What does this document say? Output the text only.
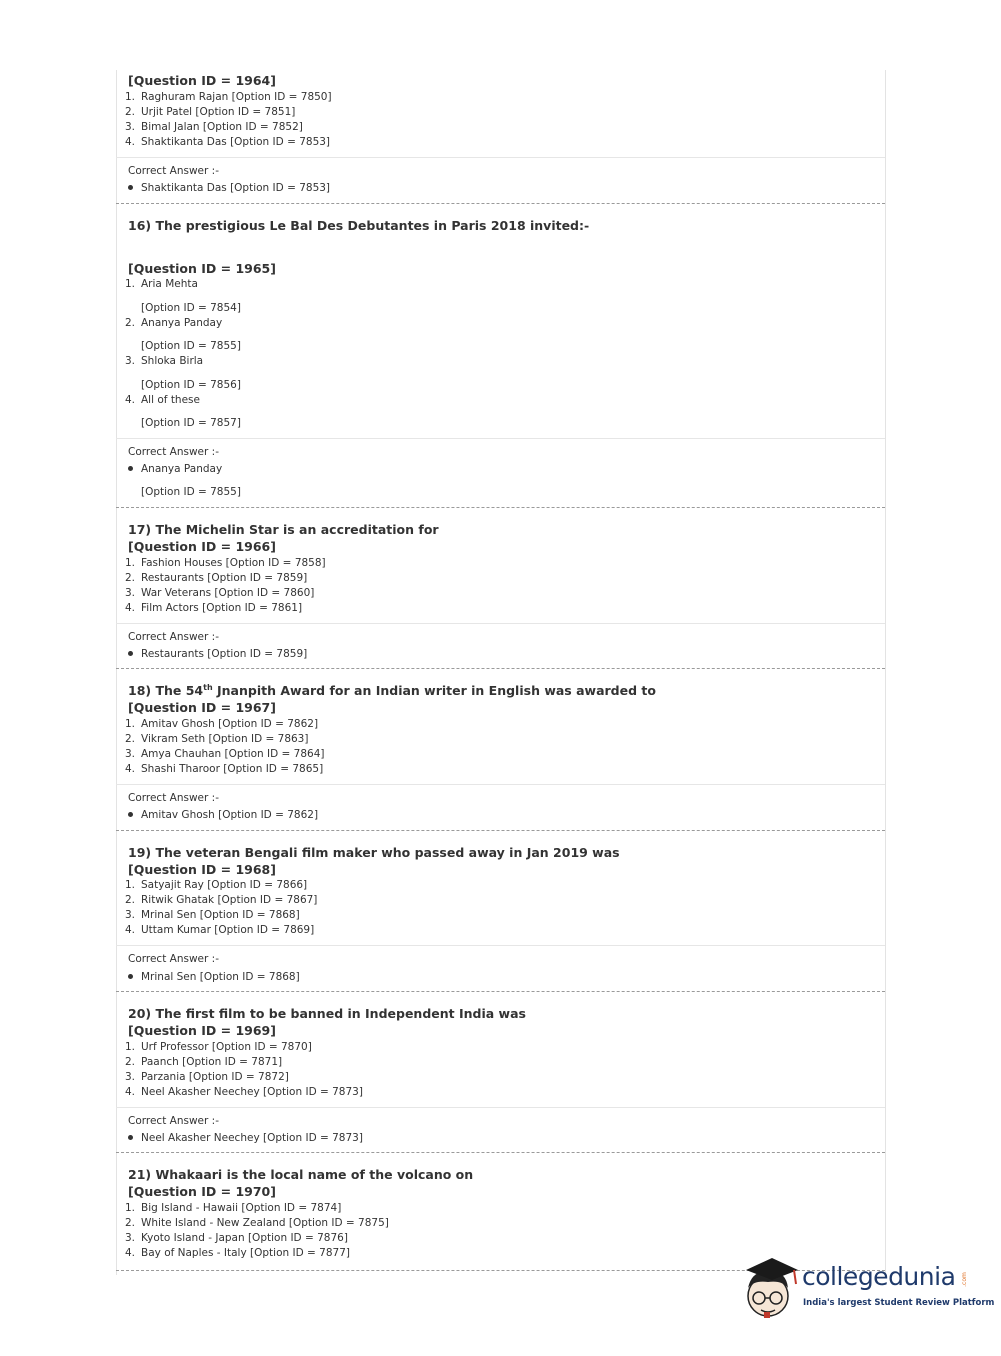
[Question ID = 1964]
1. Raghuram Rajan [Option ID = 7850]
2. Urjit Patel [Option ID = 7851]
3. Bimal Jalan [Option ID = 7852]
4. Shaktikanta Das [Option ID = 7853]
Correct Answer :-
Shaktikanta Das [Option ID = 7853]
16) The prestigious Le Bal Des Debutantes in Paris 2018 invited:-
[Question ID = 1965]
1. Aria Mehta
[Option ID = 7854]
2. Ananya Panday
[Option ID = 7855]
3. Shloka Birla
[Option ID = 7856]
4. All of these
[Option ID = 7857]
Correct Answer :-
Ananya Panday
[Option ID = 7855]
17) The Michelin Star is an accreditation for
[Question ID = 1966]
1. Fashion Houses [Option ID = 7858]
2. Restaurants [Option ID = 7859]
3. War Veterans [Option ID = 7860]
4. Film Actors [Option ID = 7861]
Correct Answer :-
Restaurants [Option ID = 7859]
18) The 54th Jnanpith Award for an Indian writer in English was awarded to
[Question ID = 1967]
1. Amitav Ghosh [Option ID = 7862]
2. Vikram Seth [Option ID = 7863]
3. Amya Chauhan [Option ID = 7864]
4. Shashi Tharoor [Option ID = 7865]
Correct Answer :-
Amitav Ghosh [Option ID = 7862]
19) The veteran Bengali film maker who passed away in Jan 2019 was
[Question ID = 1968]
1. Satyajit Ray [Option ID = 7866]
2. Ritwik Ghatak [Option ID = 7867]
3. Mrinal Sen [Option ID = 7868]
4. Uttam Kumar [Option ID = 7869]
Correct Answer :-
Mrinal Sen [Option ID = 7868]
20) The first film to be banned in Independent India was
[Question ID = 1969]
1. Urf Professor [Option ID = 7870]
2. Paanch [Option ID = 7871]
3. Parzania [Option ID = 7872]
4. Neel Akasher Neechey [Option ID = 7873]
Correct Answer :-
Neel Akasher Neechey [Option ID = 7873]
21) Whakaari is the local name of the volcano on
[Question ID = 1970]
1. Big Island - Hawaii [Option ID = 7874]
2. White Island - New Zealand [Option ID = 7875]
3. Kyoto Island - Japan [Option ID = 7876]
4. Bay of Naples - Italy [Option ID = 7877]
collegedunia .com
India's largest Student Review Platform
